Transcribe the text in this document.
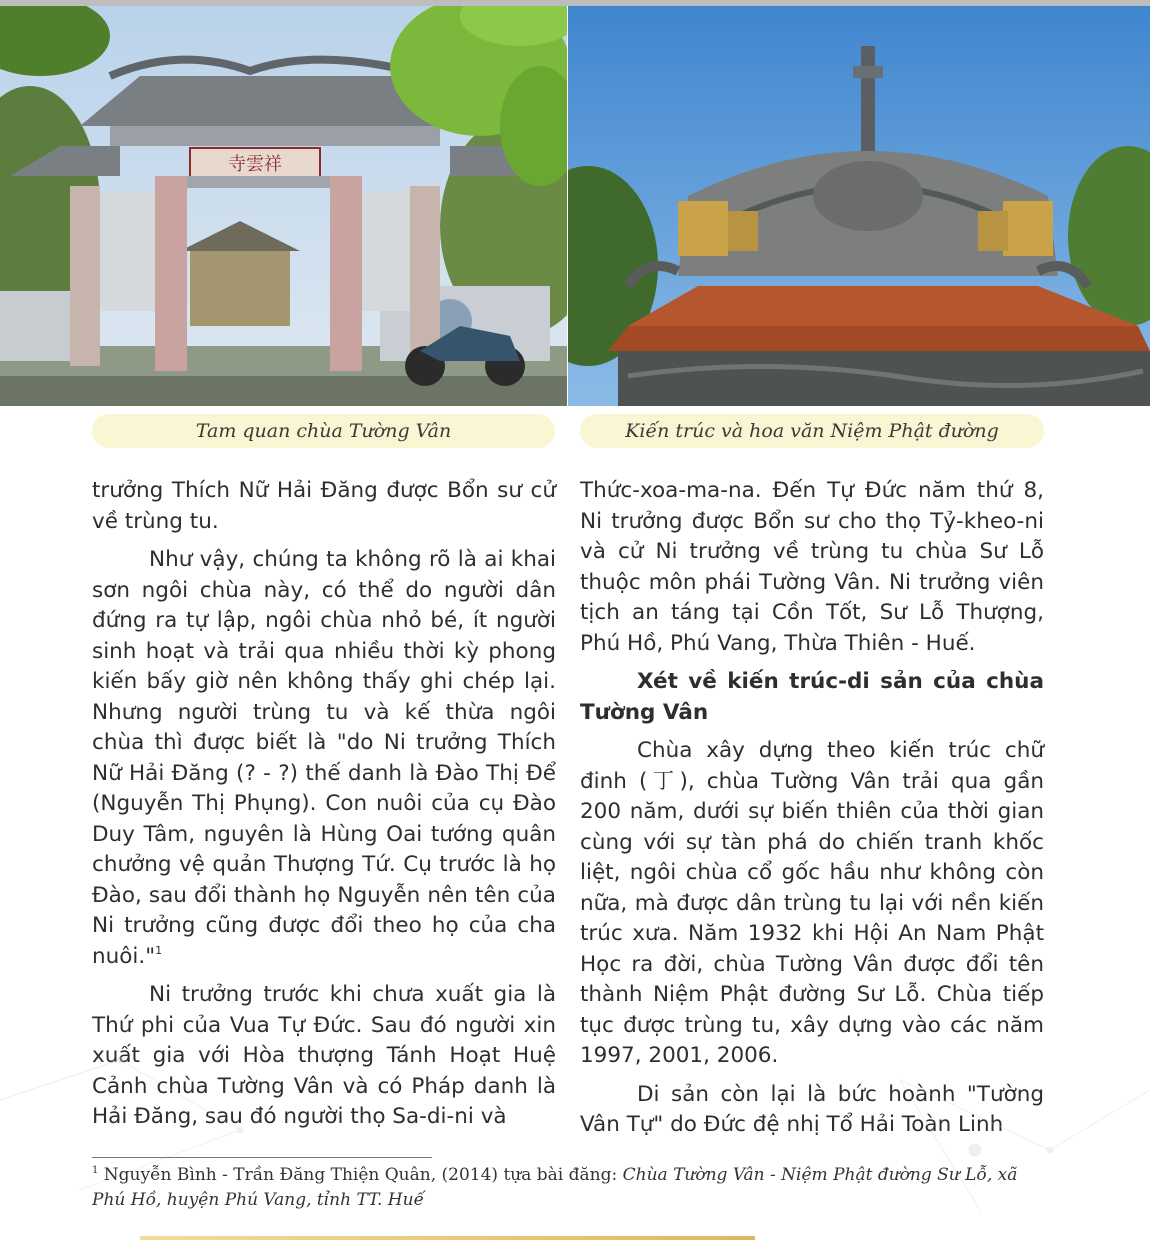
寺雲祥
Tam quan chùa Tường Vân	Kiến trúc và hoa văn Niệm Phật đường

trưởng Thích Nữ Hải Đăng được Bổn sư cử về trùng tu.

Như vậy, chúng ta không rõ là ai khai sơn ngôi chùa này, có thể do người dân đứng ra tự lập, ngôi chùa nhỏ bé, ít người sinh hoạt và trải qua nhiều thời kỳ phong kiến bấy giờ nên không thấy ghi chép lại. Nhưng người trùng tu và kế thừa ngôi chùa thì được biết là "do Ni trưởng Thích Nữ Hải Đăng (? - ?) thế danh là Đào Thị Để (Nguyễn Thị Phụng). Con nuôi của cụ Đào Duy Tâm, nguyên là Hùng Oai tướng quân chưởng vệ quản Thượng Tứ. Cụ trước là họ Đào, sau đổi thành họ Nguyễn nên tên của Ni trưởng cũng được đổi theo họ của cha nuôi."$^1$

Ni trưởng trước khi chưa xuất gia là Thứ phi của Vua Tự Đức. Sau đó người xin xuất gia với Hòa thượng Tánh Hoạt Huệ Cảnh chùa Tường Vân và có Pháp danh là Hải Đăng, sau đó người thọ Sa-di-ni và

Thức-xoa-ma-na. Đến Tự Đức năm thứ 8, Ni trưởng được Bổn sư cho thọ Tỷ-kheo-ni và cử Ni trưởng về trùng tu chùa Sư Lỗ thuộc môn phái Tường Vân. Ni trưởng viên tịch an táng tại Cồn Tốt, Sư Lỗ Thượng, Phú Hồ, Phú Vang, Thừa Thiên - Huế.

Xét về kiến trúc-di sản của chùa Tường Vân

Chùa xây dựng theo kiến trúc chữ đinh (丁), chùa Tường Vân trải qua gần 200 năm, dưới sự biến thiên của thời gian cùng với sự tàn phá do chiến tranh khốc liệt, ngôi chùa cổ gốc hầu như không còn nữa, mà được dân trùng tu lại với nền kiến trúc xưa. Năm 1932 khi Hội An Nam Phật Học ra đời, chùa Tường Vân được đổi tên thành Niệm Phật đường Sư Lỗ. Chùa tiếp tục được trùng tu, xây dựng vào các năm 1997, 2001, 2006.

Di sản còn lại là bức hoành "Tường Vân Tự" do Đức đệ nhị Tổ Hải Toàn Linh

$^1$ Nguyễn Bình - Trần Đăng Thiện Quân, (2014) tựa bài đăng: Chùa Tường Vân - Niệm Phật đường Sư Lỗ, xã Phú Hồ, huyện Phú Vang, tỉnh TT. Huế
